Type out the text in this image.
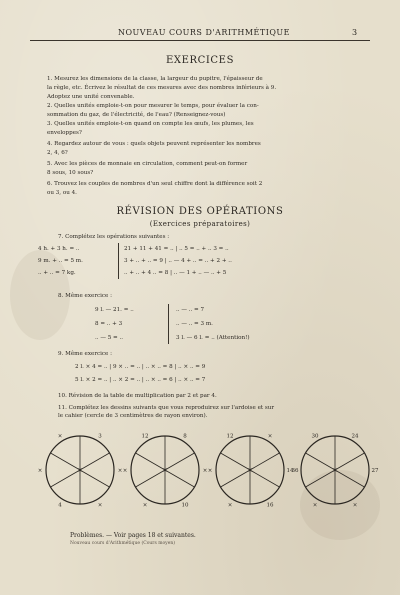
NOUVEAU COURS D'ARITHMÉTIQUE	3
EXERCICES
1. Mesurez les dimensions de la classe, la largeur du pupitre, l'épaisseur de
la règle, etc. Écrivez le résultat de ces mesures avec des nombres inférieurs à 9.
Adoptez une unité convenable.
2. Quelles unités emploie-t-on pour mesurer le temps, pour évaluer la con-
sommation du gaz, de l'électricité, de l'eau? (Renseignez-vous)
3. Quelles unités emploie-t-on quand on compte les œufs, les plumes, les
enveloppes?
4. Regardez autour de vous : quels objets peuvent représenter les nombres
2, 4, 6?
5. Avec les pièces de monnaie en circulation, comment peut-on former
8 sous, 10 sous?
6. Trouvez les couples de nombres d'un seul chiffre dont la différence soit 2
ou 3, ou 4.
RÉVISION DES OPÉRATIONS
(Exercices préparatoires)
7. Complétez les opérations suivantes :
4 h. + 3 h. = ..
9 m. + .. = 5 m.
.. + .. = 7 kg.
21 + 11 + 41 = .. | .. 5 = .. + .. 3 = ..
3 + .. + .. = 9 | .. — 4 + .. = .. + 2 + ..
.. + .. + 4 .. = 8 | .. — 1 + .. — .. + 5
8. Même exercice :
9 l. — 21. = ..
8 = .. + 3
.. — 5 = ..
.. — .. = 7
.. — .. = 3 m.
3 l. — 6 l. = .. (Attention!)
9. Même exercice :
2 l. × 4 = .. | 9 × .. = .. | .. × .. = 8 | .. × .. = 9
5 l. × 2 = .. | .. × 2 = .. | .. × .. = 6 | .. × .. = 7
10. Révision de la table de multiplication par 2 et par 4.
11. Complétez les dessins suivants que vous reproduirez sur l'ardoise et sur
le cahier (cercle de 3 centimètres de rayon environ).
3
×
×
4
×
×
×
8
×
10
×
×
12
×
×
14
16
×
×
12
×
24
27
×
×
36
30
×
Problèmes. — Voir pages 18 et suivantes.
Nouveau cours d'Arithmétique (Cours moyen)
